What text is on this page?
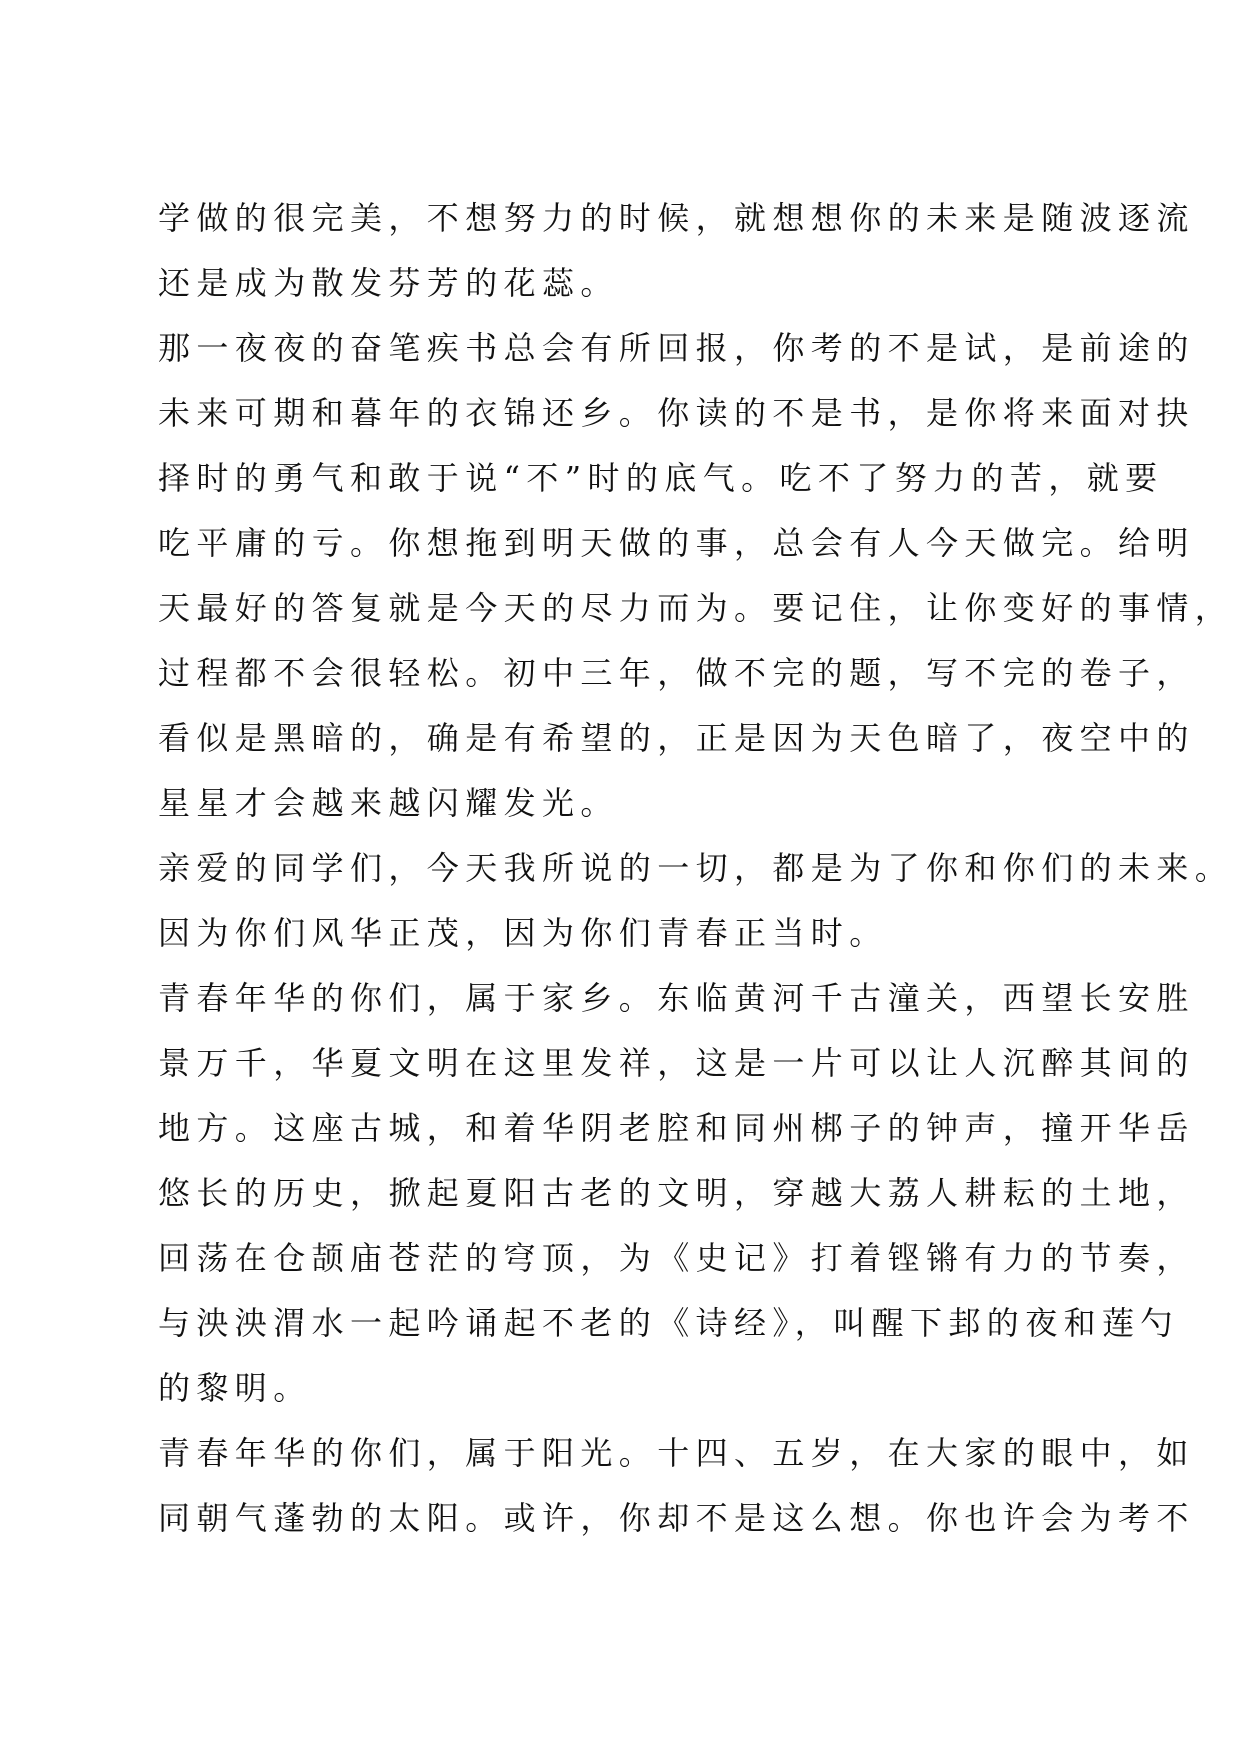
学做的很完美，不想努力的时候，就想想你的未来是随波逐流
还是成为散发芬芳的花蕊。
那一夜夜的奋笔疾书总会有所回报，你考的不是试，是前途的
未来可期和暮年的衣锦还乡。你读的不是书，是你将来面对抉
择时的勇气和敢于说“不”时的底气。吃不了努力的苦，就要
吃平庸的亏。你想拖到明天做的事，总会有人今天做完。给明
天最好的答复就是今天的尽力而为。要记住，让你变好的事情，
过程都不会很轻松。初中三年，做不完的题，写不完的卷子，
看似是黑暗的，确是有希望的，正是因为天色暗了，夜空中的
星星才会越来越闪耀发光。
亲爱的同学们，今天我所说的一切，都是为了你和你们的未来。
因为你们风华正茂，因为你们青春正当时。
青春年华的你们，属于家乡。东临黄河千古潼关，西望长安胜
景万千，华夏文明在这里发祥，这是一片可以让人沉醉其间的
地方。这座古城，和着华阴老腔和同州梆子的钟声，撞开华岳
悠长的历史，掀起夏阳古老的文明，穿越大荔人耕耘的土地，
回荡在仓颉庙苍茫的穹顶，为《史记》打着铿锵有力的节奏，
与泱泱渭水一起吟诵起不老的《诗经》，叫醒下邽的夜和莲勺
的黎明。
青春年华的你们，属于阳光。十四、五岁，在大家的眼中，如
同朝气蓬勃的太阳。或许，你却不是这么想。你也许会为考不
